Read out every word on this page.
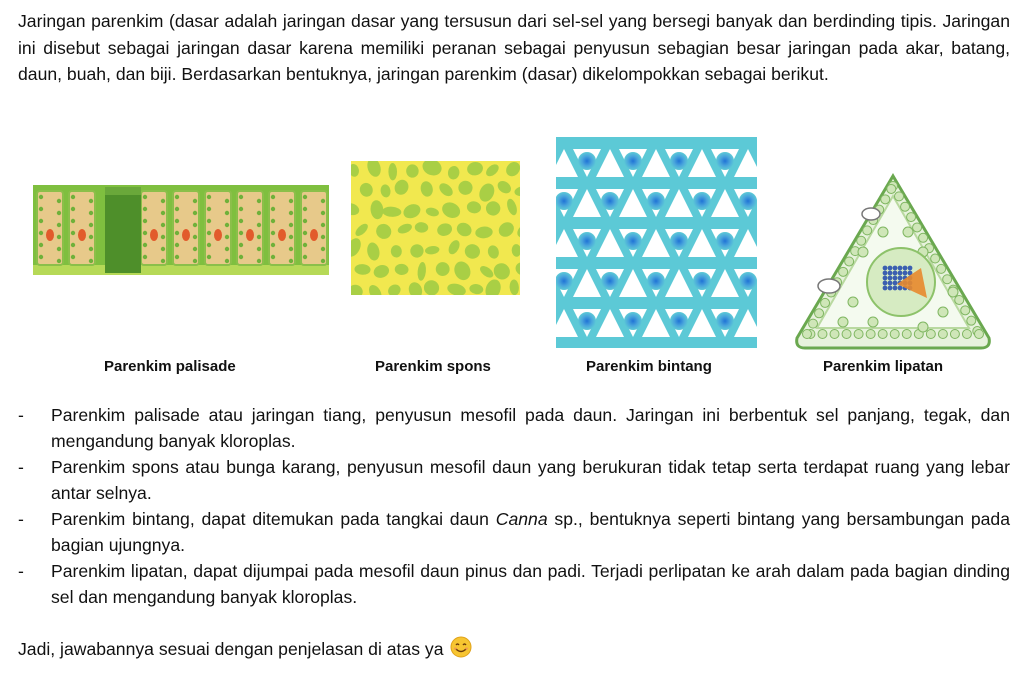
Jaringan parenkim (dasar adalah jaringan dasar yang tersusun dari sel-sel yang bersegi banyak dan berdinding tipis. Jaringan ini disebut sebagai jaringan dasar karena memiliki peranan sebagai penyusun sebagian besar jaringan pada akar, batang, daun, buah, dan biji. Berdasarkan bentuknya, jaringan parenkim (dasar) dikelompokkan sebagai berikut.
Parenkim palisade	Parenkim spons	Parenkim bintang	Parenkim lipatan
-	Parenkim palisade atau jaringan tiang, penyusun mesofil pada daun. Jaringan ini berbentuk sel panjang, tegak, dan mengandung banyak kloroplas.
-	Parenkim spons atau bunga karang, penyusun mesofil daun yang berukuran tidak tetap serta terdapat ruang yang lebar antar selnya.
-	Parenkim bintang, dapat ditemukan pada tangkai daun Canna sp., bentuknya seperti bintang yang bersambungan pada bagian ujungnya.
-	Parenkim lipatan, dapat dijumpai pada mesofil daun pinus dan padi. Terjadi perlipatan ke arah dalam pada bagian dinding sel dan mengandung banyak kloroplas.
Jadi, jawabannya sesuai dengan penjelasan di atas ya
